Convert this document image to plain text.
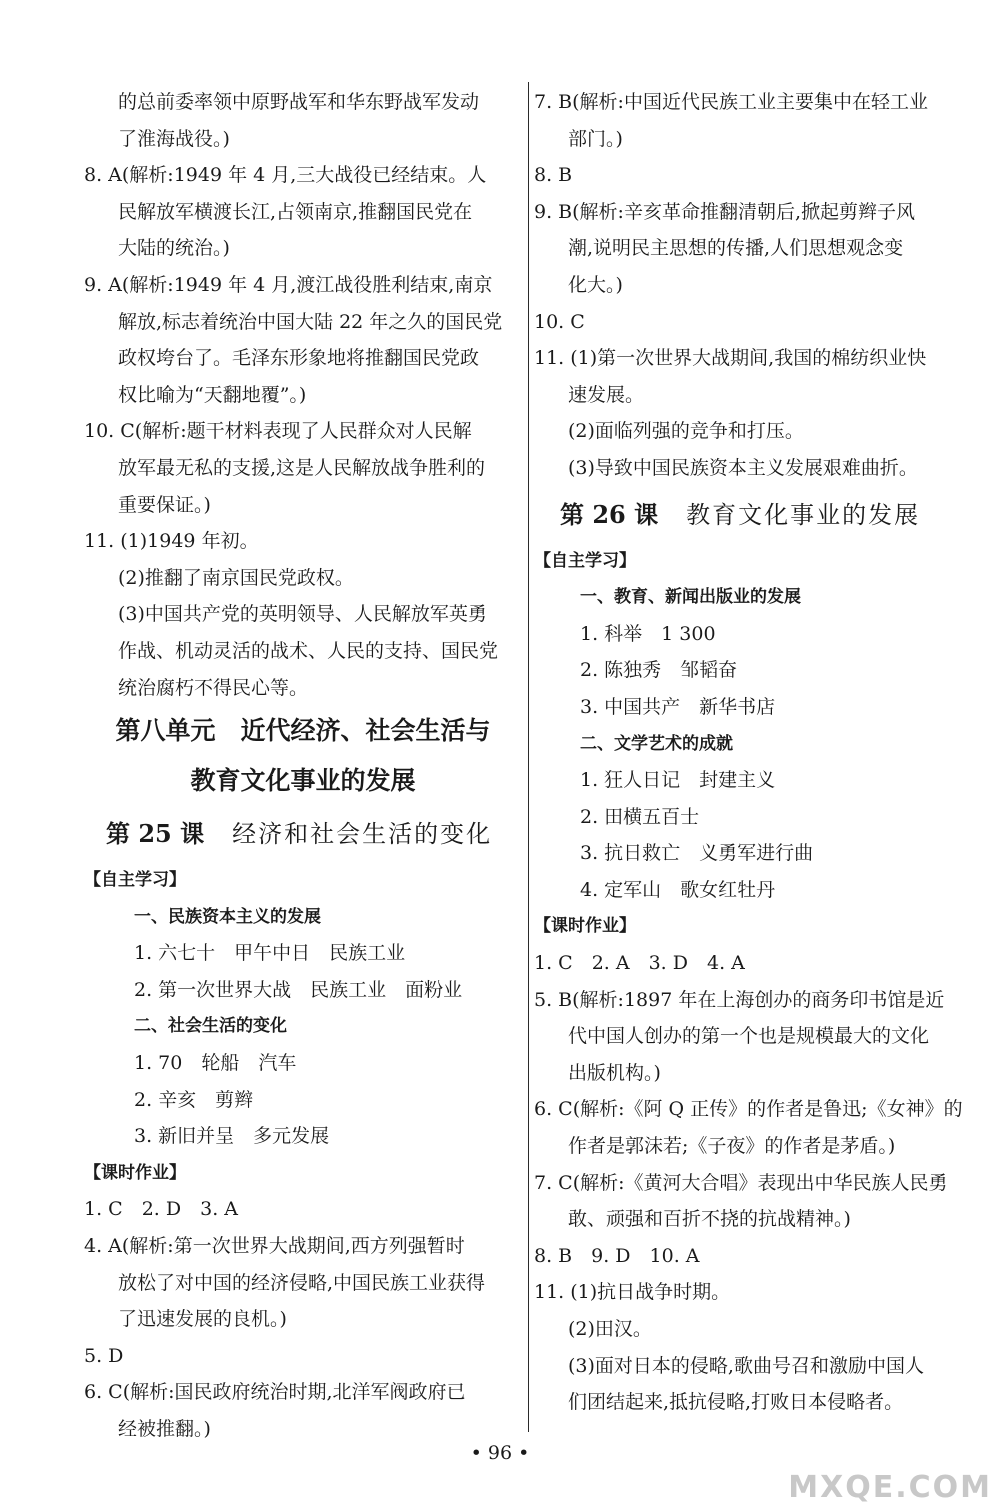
的总前委率领中原野战军和华东野战军发动
了淮海战役。)
8. A(解析:1949 年 4 月,三大战役已经结束。人
民解放军横渡长江,占领南京,推翻国民党在
大陆的统治。)
9. A(解析:1949 年 4 月,渡江战役胜利结束,南京
解放,标志着统治中国大陆 22 年之久的国民党
政权垮台了。毛泽东形象地将推翻国民党政
权比喻为“天翻地覆”。)
10. C(解析:题干材料表现了人民群众对人民解
放军最无私的支援,这是人民解放战争胜利的
重要保证。)
11. (1)1949 年初。
(2)推翻了南京国民党政权。
(3)中国共产党的英明领导、人民解放军英勇
作战、机动灵活的战术、人民的支持、国民党
统治腐朽不得民心等。
第八单元　近代经济、社会生活与
教育文化事业的发展
第 25 课 经济和社会生活的变化
【自主学习】
一、民族资本主义的发展
1. 六七十　甲午中日　民族工业
2. 第一次世界大战　民族工业　面粉业
二、社会生活的变化
1. 70　轮船　汽车
2. 辛亥　剪辫
3. 新旧并呈　多元发展
【课时作业】
1. C　2. D　3. A
4. A(解析:第一次世界大战期间,西方列强暂时
放松了对中国的经济侵略,中国民族工业获得
了迅速发展的良机。)
5. D
6. C(解析:国民政府统治时期,北洋军阀政府已
经被推翻。)
7. B(解析:中国近代民族工业主要集中在轻工业
部门。)
8. B
9. B(解析:辛亥革命推翻清朝后,掀起剪辫子风
潮,说明民主思想的传播,人们思想观念变
化大。)
10. C
11. (1)第一次世界大战期间,我国的棉纺织业快
速发展。
(2)面临列强的竞争和打压。
(3)导致中国民族资本主义发展艰难曲折。
第 26 课 教育文化事业的发展
【自主学习】
一、教育、新闻出版业的发展
1. 科举　1 300
2. 陈独秀　邹韬奋
3. 中国共产　新华书店
二、文学艺术的成就
1. 狂人日记　封建主义
2. 田横五百士
3. 抗日救亡　义勇军进行曲
4. 定军山　歌女红牡丹
【课时作业】
1. C　2. A　3. D　4. A
5. B(解析:1897 年在上海创办的商务印书馆是近
代中国人创办的第一个也是规模最大的文化
出版机构。)
6. C(解析:《阿 Q 正传》的作者是鲁迅;《女神》的
作者是郭沫若;《子夜》的作者是茅盾。)
7. C(解析:《黄河大合唱》表现出中华民族人民勇
敢、顽强和百折不挠的抗战精神。)
8. B　9. D　10. A
11. (1)抗日战争时期。
(2)田汉。
(3)面对日本的侵略,歌曲号召和激励中国人
们团结起来,抵抗侵略,打败日本侵略者。
• 96 •
MXQE.COM
